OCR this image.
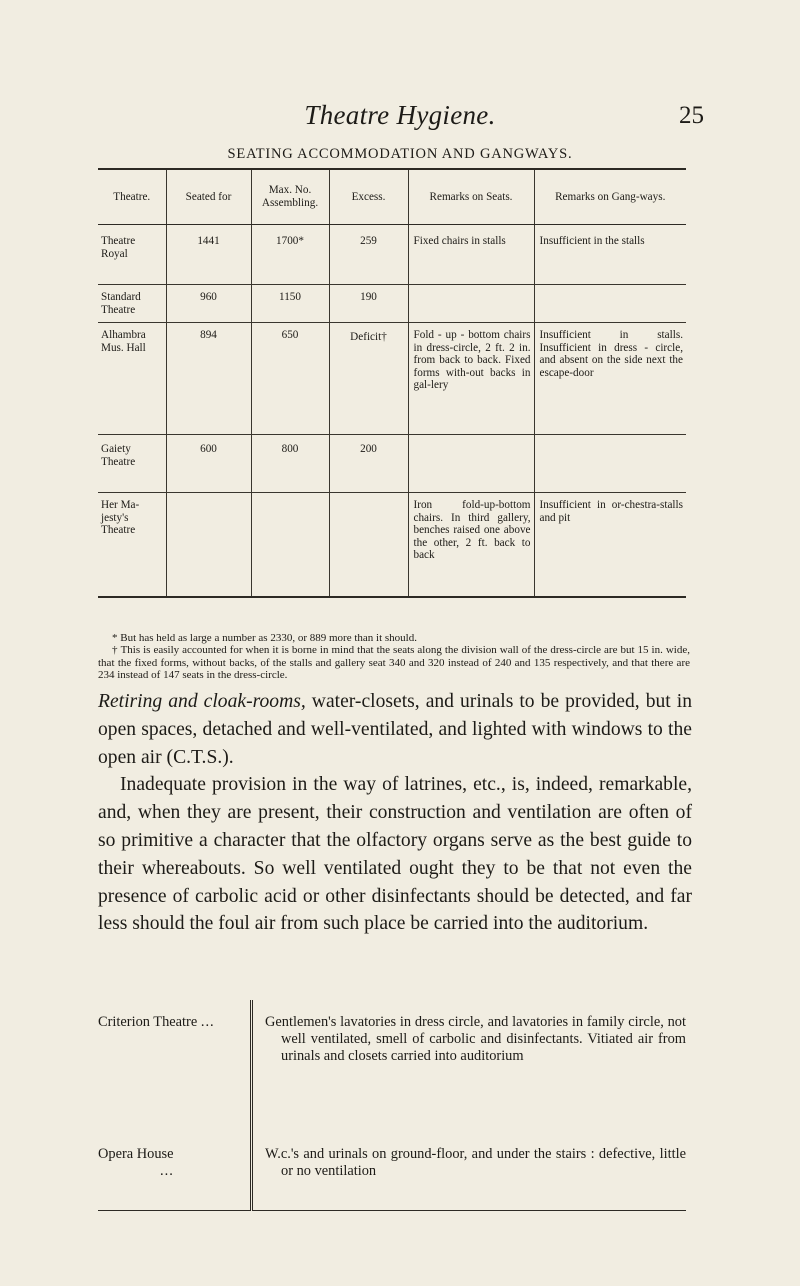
Theatre Hygiene.	25
SEATING ACCOMMODATION AND GANGWAYS.
Theatre.	Seated for	Max. No. Assembling.	Excess.	Remarks on Seats.	Remarks on Gang-ways.
Theatre Royal	1441	1700*	259	Fixed chairs in stalls	Insufficient in the stalls
Standard Theatre	960	1150	190		
Alhambra Mus. Hall	894	650	Deficit†	Fold - up - bottom chairs in dress-circle, 2 ft. 2 in. from back to back. Fixed forms with-out backs in gal-lery	Insufficient in stalls. Insufficient in dress - circle, and absent on the side next the escape-door
Gaiety Theatre	600	800	200		
Her Ma-jesty's Theatre				Iron fold-up-bottom chairs. In third gallery, benches raised one above the other, 2 ft. back to back	Insufficient in or-chestra-stalls and pit

* But has held as large a number as 2330, or 889 more than it should.

† This is easily accounted for when it is borne in mind that the seats along the division wall of the dress-circle are but 15 in. wide, that the fixed forms, without backs, of the stalls and gallery seat 340 and 320 instead of 240 and 135 respectively, and that there are 234 instead of 147 seats in the dress-circle.

Retiring and cloak-rooms, water-closets, and urinals to be provided, but in open spaces, detached and well-ventilated, and lighted with windows to the open air (C.T.S.).

Inadequate provision in the way of latrines, etc., is, indeed, remarkable, and, when they are present, their construction and ventilation are often of so primitive a character that the olfactory organs serve as the best guide to their whereabouts. So well ventilated ought they to be that not even the presence of carbolic acid or other disinfectants should be detected, and far less should the foul air from such place be carried into the auditorium.

Criterion Theatre ...	Gentlemen's lavatories in dress circle, and lavatories in family circle, not well ventilated, smell of carbolic and disinfectants. Vitiated air from urinals and closets carried into auditorium

Opera House ...	W.c.'s and urinals on ground-floor, and under the stairs : defective, little or no ventilation
